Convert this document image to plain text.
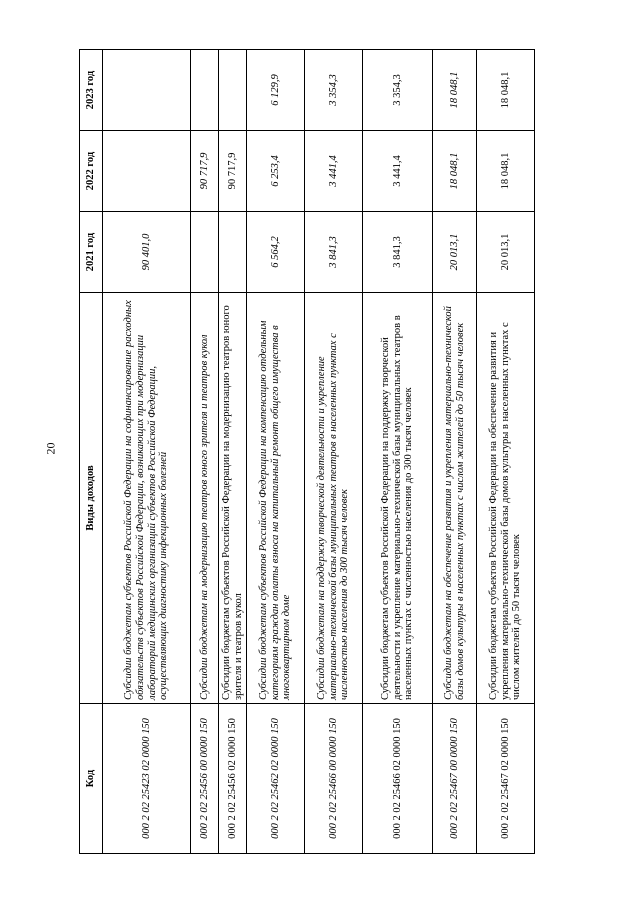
20
Код	Виды доходов	2021 год	2022 год	2023 год
000 2 02 25423 02 0000 150	Субсидии бюджетам субъектов Российской Федерации на софинансирование расходных обязательств субъектов Российской Федерации, возникающих при модернизации лабораторий медицинских организаций субъектов Российской Федерации, осуществляющих диагностику инфекционных болезней	90 401,0		
000 2 02 25456 00 0000 150	Субсидии бюджетам на модернизацию театров юного зрителя и театров кукол		90 717,9	
000 2 02 25456 02 0000 150	Субсидии бюджетам субъектов Российской Федерации на модернизацию театров юного зрителя и театров кукол		90 717,9	
000 2 02 25462 02 0000 150	Субсидии бюджетам субъектов Российской Федерации на компенсацию отдельным категориям граждан оплаты взноса на капитальный ремонт общего имущества в многоквартирном доме	6 564,2	6 253,4	6 129,9
000 2 02 25466 00 0000 150	Субсидии бюджетам на поддержку творческой деятельности и укрепление материально-технической базы муниципальных театров в населенных пунктах с численностью населения до 300 тысяч человек	3 841,3	3 441,4	3 354,3
000 2 02 25466 02 0000 150	Субсидии бюджетам субъектов Российской Федерации на поддержку творческой деятельности и укрепление материально-технической базы муниципальных театров в населенных пунктах с численностью населения до 300 тысяч человек	3 841,3	3 441,4	3 354,3
000 2 02 25467 00 0000 150	Субсидии бюджетам на обеспечение развития и укрепления материально-технической базы домов культуры в населенных пунктах с числом жителей до 50 тысяч человек	20 013,1	18 048,1	18 048,1
000 2 02 25467 02 0000 150	Субсидии бюджетам субъектов Российской Федерации на обеспечение развития и укрепления материально-технической базы домов культуры в населенных пунктах с числом жителей до 50 тысяч человек	20 013,1	18 048,1	18 048,1
